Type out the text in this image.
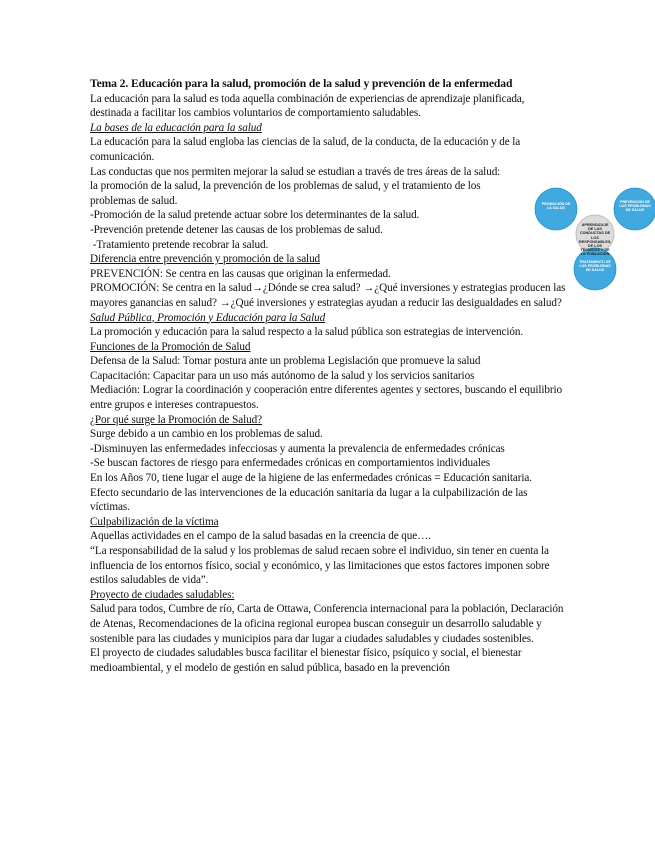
Tema 2. Educación para la salud, promoción de la salud y prevención de la enfermedad

La educación para la salud es toda aquella combinación de experiencias de aprendizaje planificada, destinada a facilitar los cambios voluntarios de comportamiento saludables.

La bases de la educación para la salud

La educación para la salud engloba las ciencias de la salud, de la conducta, de la educación y de la comunicación.

Las conductas que nos permiten mejorar la salud se estudian a través de tres áreas de la salud: la promoción de la salud, la prevención de los problemas de salud, y el tratamiento de los problemas de salud.

-Promoción de la salud pretende actuar sobre los determinantes de la salud.

-Prevención pretende detener las causas de los problemas de salud.

-Tratamiento pretende recobrar la salud.

Diferencia entre prevención y promoción de la salud

PREVENCIÓN: Se centra en las causas que originan la enfermedad.

PROMOCIÓN: Se centra en la salud→¿Dónde se crea salud? →¿Qué inversiones y estrategias producen las mayores ganancias en salud? →¿Qué inversiones y estrategias ayudan a reducir las desigualdades en salud?

Salud Pública, Promoción y Educación para la Salud

La promoción y educación para la salud respecto a la salud pública son estrategias de intervención.

Funciones de la Promoción de Salud

Defensa de la Salud: Tomar postura ante un problema Legislación que promueve la salud

Capacitación: Capacitar para un uso más autónomo de la salud y los servicios sanitarios

Mediación: Lograr la coordinación y cooperación entre diferentes agentes y sectores, buscando el equilibrio entre grupos e intereses contrapuestos.

¿Por qué surge la Promoción de Salud?

Surge debido a un cambio en los problemas de salud.

-Disminuyen las enfermedades infecciosas y aumenta la prevalencia de enfermedades crónicas

-Se buscan factores de riesgo para enfermedades crónicas en comportamientos individuales

En los Años 70, tiene lugar el auge de la higiene de las enfermedades crónicas = Educación sanitaria.

Efecto secundario de las intervenciones de la educación sanitaria da lugar a la culpabilización de las víctimas.

Culpabilización de la víctima

Aquellas actividades en el campo de la salud basadas en la creencia de que….

“La responsabilidad de la salud y los problemas de salud recaen sobre el individuo, sin tener en cuenta la influencia de los entornos físico, social y económico, y las limitaciones que estos factores imponen sobre estilos saludables de vida”.

Proyecto de ciudades saludables:

Salud para todos, Cumbre de río, Carta de Ottawa, Conferencia internacional para la población, Declaración de Atenas, Recomendaciones de la oficina regional europea buscan conseguir un desarrollo saludable y sostenible para las ciudades y municipios para dar lugar a ciudades saludables y ciudades sostenibles.

El proyecto de ciudades saludables busca facilitar el bienestar físico, psíquico y social, el bienestar medioambiental, y el modelo de gestión en salud pública, basado en la prevención

PROMOCIÓN DE LA SALUD
PREVENCIÓN DE LOS PROBLEMAS DE SALUD
TRATAMIENTO DE LOS PROBLEMAS DE SALUD
APRENDIZAJE DE LAS CONDUCTAS DE LOS RESPONSABLES, DE LOS TÉCNICOS Y DE LA POBLACIÓN
